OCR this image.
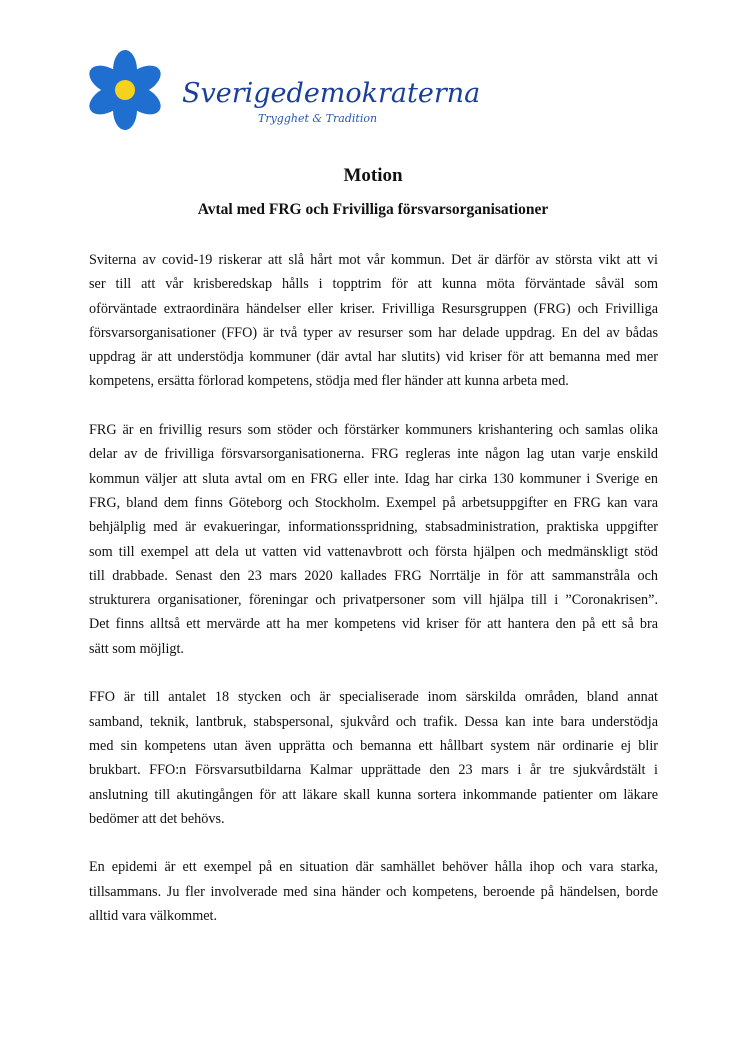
Sverigedemokraterna
Trygghet & Tradition
Motion
Avtal med FRG och Frivilliga försvarsorganisationer

Sviterna av covid-19 riskerar att slå hårt mot vår kommun. Det är därför av största vikt att vi
ser till att vår krisberedskap hålls i topptrim för att kunna möta förväntade såväl som
oförväntade extraordinära händelser eller kriser. Frivilliga Resursgruppen (FRG) och Frivilliga
försvarsorganisationer (FFO) är två typer av resurser som har delade uppdrag. En del av bådas
uppdrag är att understödja kommuner (där avtal har slutits) vid kriser för att bemanna med mer
kompetens, ersätta förlorad kompetens, stödja med fler händer att kunna arbeta med.

FRG är en frivillig resurs som stöder och förstärker kommuners krishantering och samlas olika
delar av de frivilliga försvarsorganisationerna. FRG regleras inte någon lag utan varje enskild
kommun väljer att sluta avtal om en FRG eller inte. Idag har cirka 130 kommuner i Sverige en
FRG, bland dem finns Göteborg och Stockholm. Exempel på arbetsuppgifter en FRG kan vara
behjälplig med är evakueringar, informationsspridning, stabsadministration, praktiska uppgifter
som till exempel att dela ut vatten vid vattenavbrott och första hjälpen och medmänskligt stöd
till drabbade. Senast den 23 mars 2020 kallades FRG Norrtälje in för att sammanstråla och
strukturera organisationer, föreningar och privatpersoner som vill hjälpa till i ”Coronakrisen”.
Det finns alltså ett mervärde att ha mer kompetens vid kriser för att hantera den på ett så bra
sätt som möjligt.

FFO är till antalet 18 stycken och är specialiserade inom särskilda områden, bland annat
samband, teknik, lantbruk, stabspersonal, sjukvård och trafik. Dessa kan inte bara understödja
med sin kompetens utan även upprätta och bemanna ett hållbart system när ordinarie ej blir
brukbart. FFO:n Försvarsutbildarna Kalmar upprättade den 23 mars i år tre sjukvårdstält i
anslutning till akutingången för att läkare skall kunna sortera inkommande patienter om läkare
bedömer att det behövs.

En epidemi är ett exempel på en situation där samhället behöver hålla ihop och vara starka,
tillsammans. Ju fler involverade med sina händer och kompetens, beroende på händelsen, borde
alltid vara välkommet.
